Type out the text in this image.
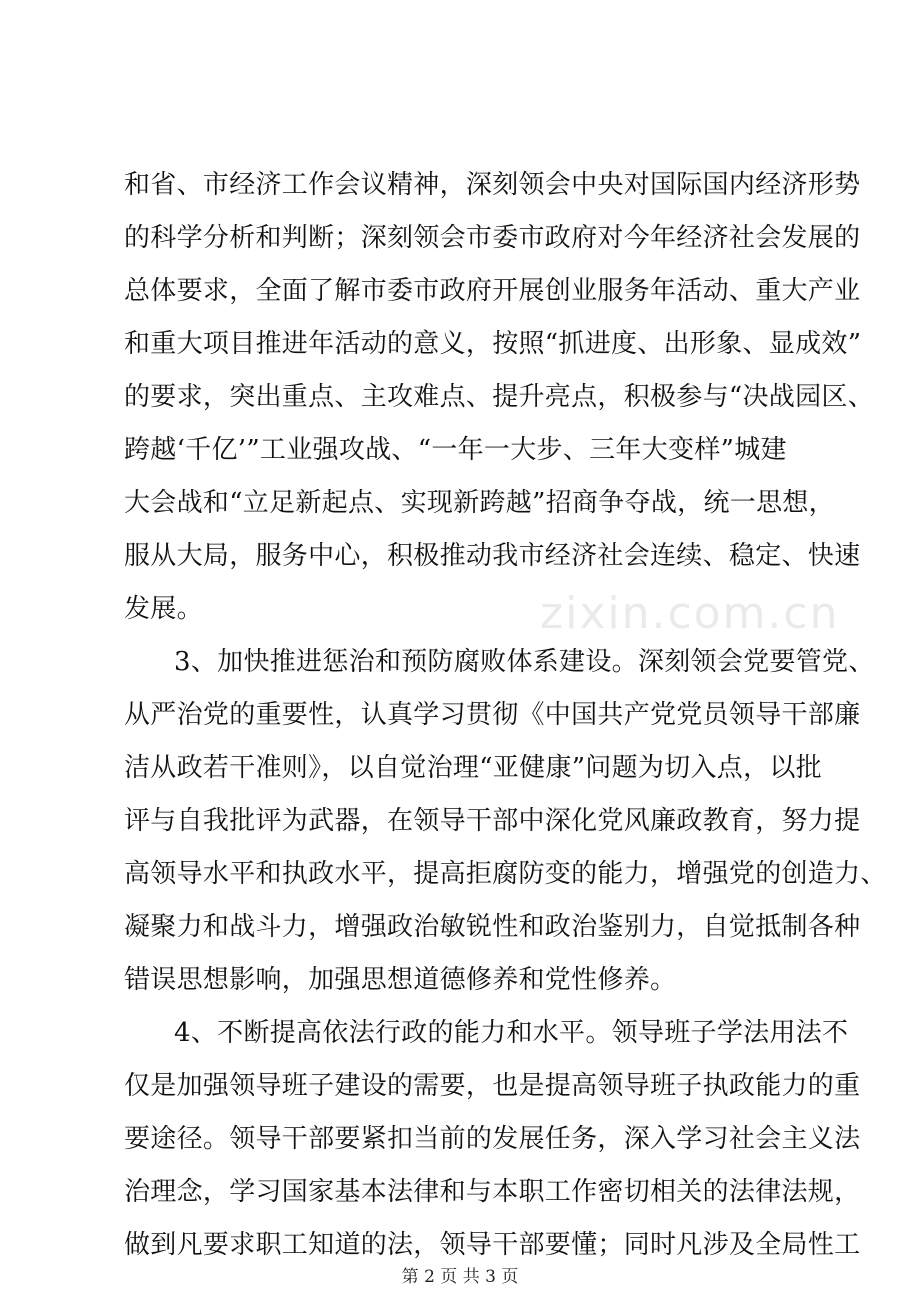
和省、市经济工作会议精神，深刻领会中央对国际国内经济形势
的科学分析和判断；深刻领会市委市政府对今年经济社会发展的
总体要求，全面了解市委市政府开展创业服务年活动、重大产业
和重大项目推进年活动的意义，按照“抓进度、出形象、显成效”
的要求，突出重点、主攻难点、提升亮点，积极参与“决战园区、
跨越‘千亿’”工业强攻战、“一年一大步、三年大变样”城建
大会战和“立足新起点、实现新跨越”招商争夺战，统一思想，
服从大局，服务中心，积极推动我市经济社会连续、稳定、快速
发展。
3、加快推进惩治和预防腐败体系建设。深刻领会党要管党、
从严治党的重要性，认真学习贯彻《中国共产党党员领导干部廉
洁从政若干准则》，以自觉治理“亚健康”问题为切入点，以批
评与自我批评为武器，在领导干部中深化党风廉政教育，努力提
高领导水平和执政水平，提高拒腐防变的能力，增强党的创造力、
凝聚力和战斗力，增强政治敏锐性和政治鉴别力，自觉抵制各种
错误思想影响，加强思想道德修养和党性修养。
4、不断提高依法行政的能力和水平。领导班子学法用法不
仅是加强领导班子建设的需要，也是提高领导班子执政能力的重
要途径。领导干部要紧扣当前的发展任务，深入学习社会主义法
zixin.com.cn
治理念，学习国家基本法律和与本职工作密切相关的法律法规，
做到凡要求职工知道的法，领导干部要懂；同时凡涉及全局性工
第 2 页 共 3 页
